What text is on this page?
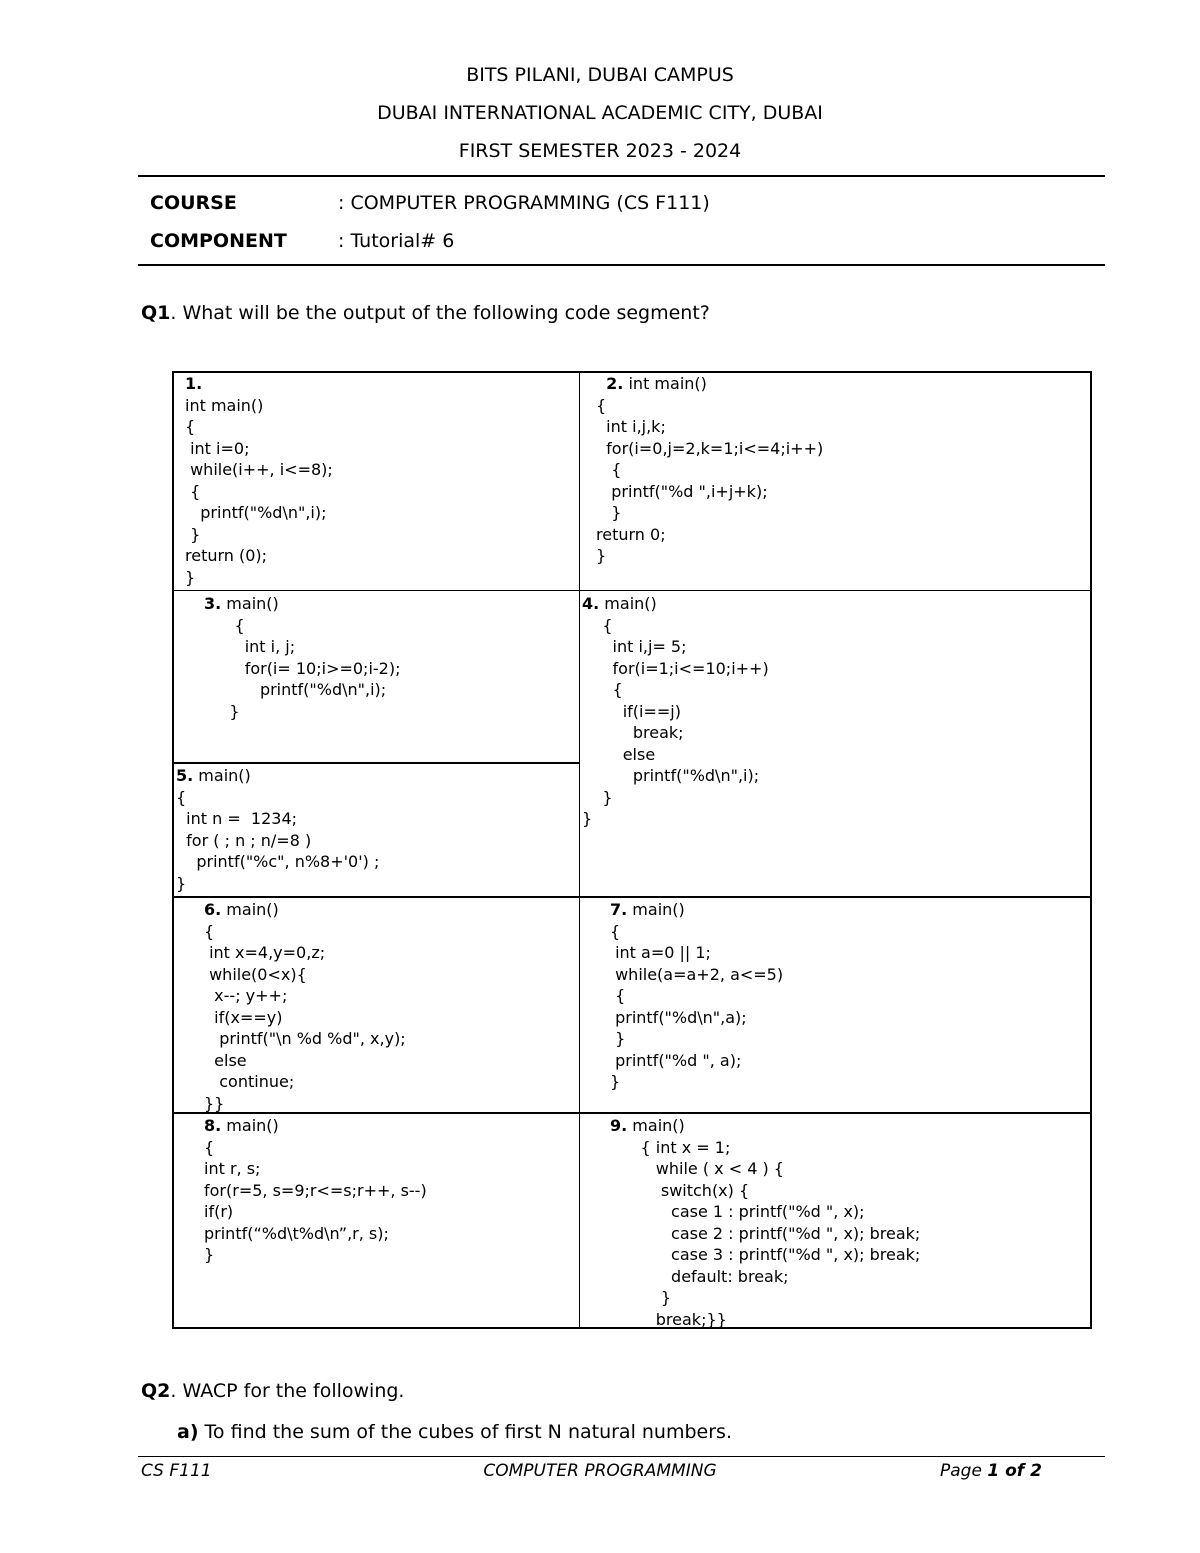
BITS PILANI, DUBAI CAMPUS
DUBAI INTERNATIONAL ACADEMIC CITY, DUBAI
FIRST SEMESTER 2023 - 2024
COURSE	: COMPUTER PROGRAMMING (CS F111)
COMPONENT	: Tutorial# 6
Q1. What will be the output of the following code segment?
1.
int main()
{
int i=0;
while(i++, i<=8);
{
printf("%d\n",i);
}
return (0);
}
2. int main()
{
int i,j,k;
for(i=0,j=2,k=1;i<=4;i++)
{
printf("%d ",i+j+k);
}
return 0;
}
3. main()
{
int i, j;
for(i= 10;i>=0;i-2);
printf("%d\n",i);
}
4. main()
{
int i,j= 5;
for(i=1;i<=10;i++)
{
if(i==j)
break;
else
printf("%d\n",i);
}
}
5. main()
{
int n =  1234;
for ( ; n ; n/=8 )
printf("%c", n%8+'0') ;
}
6. main()
{
int x=4,y=0,z;
while(0<x){
x--; y++;
if(x==y)
printf("\n %d %d", x,y);
else
continue;
}}
7. main()
{
int a=0 || 1;
while(a=a+2, a<=5)
{
printf("%d\n",a);
}
printf("%d ", a);
}
8. main()
{
int r, s;
for(r=5, s=9;r<=s;r++, s--)
if(r)
printf(“%d\t%d\n”,r, s);
}
9. main()
{ int x = 1;
while ( x < 4 ) {
switch(x) {
case 1 : printf("%d ", x);
case 2 : printf("%d ", x); break;
case 3 : printf("%d ", x); break;
default: break;
}
break;}}
Q2. WACP for the following.
a) To find the sum of the cubes of first N natural numbers.
CS F111	COMPUTER PROGRAMMING	Page 1 of 2
